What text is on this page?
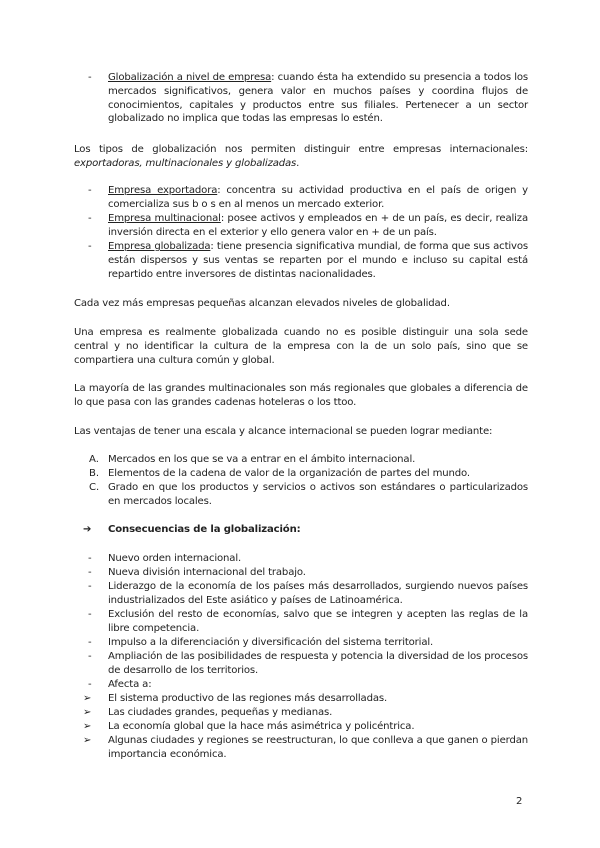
- Globalización a nivel de empresa: cuando ésta ha extendido su presencia a todos los mercados significativos, genera valor en muchos países y coordina flujos de conocimientos, capitales y productos entre sus filiales. Pertenecer a un sector globalizado no implica que todas las empresas lo estén.

Los tipos de globalización nos permiten distinguir entre empresas internacionales: exportadoras, multinacionales y globalizadas.

- Empresa exportadora: concentra su actividad productiva en el país de origen y comercializa sus b o s en al menos un mercado exterior.

- Empresa multinacional: posee activos y empleados en + de un país, es decir, realiza inversión directa en el exterior y ello genera valor en + de un país.

- Empresa globalizada: tiene presencia significativa mundial, de forma que sus activos están dispersos y sus ventas se reparten por el mundo e incluso su capital está repartido entre inversores de distintas nacionalidades.

Cada vez más empresas pequeñas alcanzan elevados niveles de globalidad.

Una empresa es realmente globalizada cuando no es posible distinguir una sola sede central y no identificar la cultura de la empresa con la de un solo país, sino que se compartiera una cultura común y global.

La mayoría de las grandes multinacionales son más regionales que globales a diferencia de lo que pasa con las grandes cadenas hoteleras o los ttoo.

Las ventajas de tener una escala y alcance internacional se pueden lograr mediante:

A. Mercados en los que se va a entrar en el ámbito internacional.

B. Elementos de la cadena de valor de la organización de partes del mundo.

C. Grado en que los productos y servicios o activos son estándares o particularizados en mercados locales.

➔ Consecuencias de la globalización:

- Nuevo orden internacional.

- Nueva división internacional del trabajo.

- Liderazgo de la economía de los países más desarrollados, surgiendo nuevos países industrializados del Este asiático y países de Latinoamérica.

- Exclusión del resto de economías, salvo que se integren y acepten las reglas de la libre competencia.

- Impulso a la diferenciación y diversificación del sistema territorial.

- Ampliación de las posibilidades de respuesta y potencia la diversidad de los procesos de desarrollo de los territorios.

- Afecta a:

➢ El sistema productivo de las regiones más desarrolladas.

➢ Las ciudades grandes, pequeñas y medianas.

➢ La economía global que la hace más asimétrica y policéntrica.

➢ Algunas ciudades y regiones se reestructuran, lo que conlleva a que ganen o pierdan importancia económica.

2
